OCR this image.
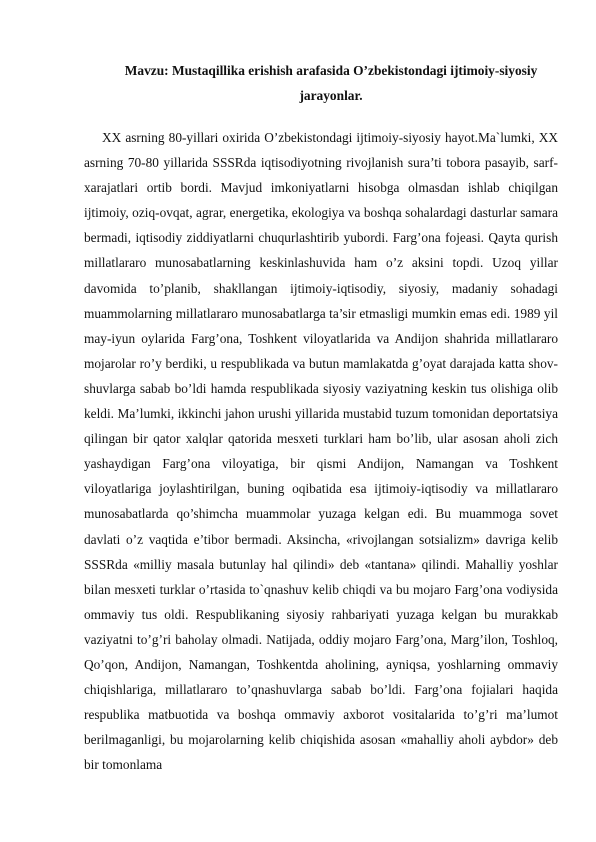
Mavzu: Mustaqillika erishish arafasida O’zbekistondagi ijtimoiy-siyosiy jarayonlar.

XX asrning 80-yillari oxirida O’zbekistondagi ijtimoiy-siyosiy hayot.Ma`lumki, XX asrning 70-80 yillarida SSSRda iqtisodiyotning rivojlanish sura’ti tobora pasayib, sarf-xarajatlari ortib bordi. Mavjud imkoniyatlarni hisobga olmasdan ishlab chiqilgan ijtimoiy, oziq-ovqat, agrar, energetika, ekologiya va boshqa sohalardagi dasturlar samara bermadi, iqtisodiy ziddiyatlarni chuqurlashtirib yubordi. Farg’ona fojeasi. Qayta qurish millatlararo munosabatlarning keskinlashuvida ham o’z aksini topdi. Uzoq yillar davomida to’planib, shakllangan ijtimoiy-iqtisodiy, siyosiy, madaniy sohadagi muammolarning millatlararo munosabatlarga ta’sir etmasligi mumkin emas edi. 1989 yil may-iyun oylarida Farg’ona, Toshkent viloyatlarida va Andijon shahrida millatlararo mojarolar ro’y berdiki, u respublikada va butun mamlakatda g’oyat darajada katta shov-shuvlarga sabab bo’ldi hamda respublikada siyosiy vaziyatning keskin tus olishiga olib keldi. Ma’lumki, ikkinchi jahon urushi yillarida mustabid tuzum tomonidan deportatsiya qilingan bir qator xalqlar qatorida mesxeti turklari ham bo’lib, ular asosan aholi zich yashaydigan Farg’ona viloyatiga, bir qismi Andijon, Namangan va Toshkent viloyatlariga joylashtirilgan, buning oqibatida esa ijtimoiy-iqtisodiy va millatlararo munosabatlarda qo’shimcha muammolar yuzaga kelgan edi. Bu muammoga sovet davlati o’z vaqtida e’tibor bermadi. Aksincha, «rivojlangan sotsializm» davriga kelib SSSRda «milliy masala butunlay hal qilindi» deb «tantana» qilindi. Mahalliy yoshlar bilan mesxeti turklar o’rtasida to`qnashuv kelib chiqdi va bu mojaro Farg’ona vodiysida ommaviy tus oldi. Respublikaning siyosiy rahbariyati yuzaga kelgan bu murakkab vaziyatni to’g’ri baholay olmadi. Natijada, oddiy mojaro Farg’ona, Marg’ilon, Toshloq, Qo’qon, Andijon, Namangan, Toshkentda aholining, ayniqsa, yoshlarning ommaviy chiqishlariga, millatlararo to’qnashuvlarga sabab bo’ldi. Farg’ona fojialari haqida respublika matbuotida va boshqa ommaviy axborot vositalarida to’g’ri ma’lumot berilmaganligi, bu mojarolarning kelib chiqishida asosan «mahalliy aholi aybdor» deb bir tomonlama
